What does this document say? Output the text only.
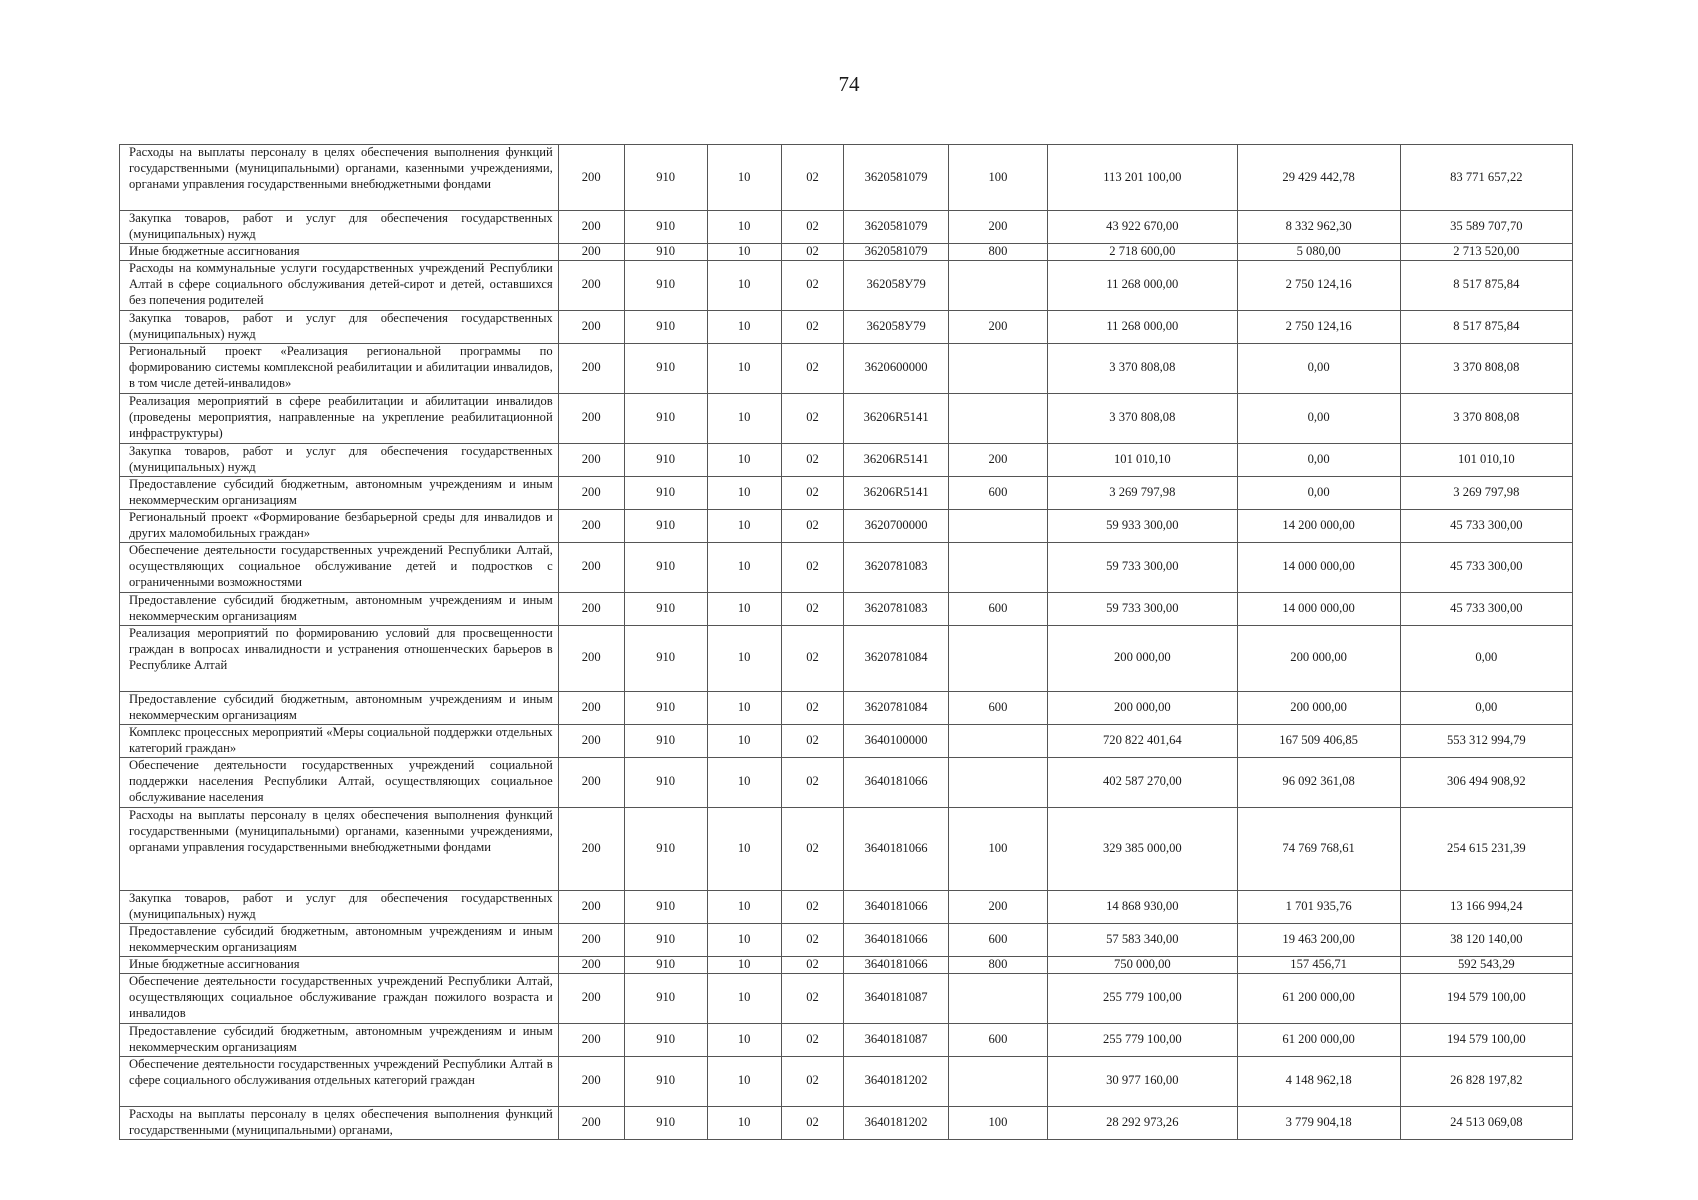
74
Расходы на выплаты персоналу в целях обеспечения выполнения функций государственными (муниципальными) органами, казенными учреждениями, органами управления государственными внебюджетными фондами	200	910	10	02	3620581079	100	113 201 100,00	29 429 442,78	83 771 657,22
Закупка товаров, работ и услуг для обеспечения государственных (муниципальных) нужд	200	910	10	02	3620581079	200	43 922 670,00	8 332 962,30	35 589 707,70
Иные бюджетные ассигнования	200	910	10	02	3620581079	800	2 718 600,00	5 080,00	2 713 520,00
Расходы на коммунальные услуги государственных учреждений Республики Алтай в сфере социального обслуживания детей-сирот и детей, оставшихся без попечения родителей	200	910	10	02	362058У79		11 268 000,00	2 750 124,16	8 517 875,84
Закупка товаров, работ и услуг для обеспечения государственных (муниципальных) нужд	200	910	10	02	362058У79	200	11 268 000,00	2 750 124,16	8 517 875,84
Региональный проект «Реализация региональной программы по формированию системы комплексной реабилитации и абилитации инвалидов, в том числе детей-инвалидов»	200	910	10	02	3620600000		3 370 808,08	0,00	3 370 808,08
Реализация мероприятий в сфере реабилитации и абилитации инвалидов (проведены мероприятия, направленные на укрепление реабилитационной инфраструктуры)	200	910	10	02	36206R5141		3 370 808,08	0,00	3 370 808,08
Закупка товаров, работ и услуг для обеспечения государственных (муниципальных) нужд	200	910	10	02	36206R5141	200	101 010,10	0,00	101 010,10
Предоставление субсидий бюджетным, автономным учреждениям и иным некоммерческим организациям	200	910	10	02	36206R5141	600	3 269 797,98	0,00	3 269 797,98
Региональный проект «Формирование безбарьерной среды для инвалидов и других маломобильных граждан»	200	910	10	02	3620700000		59 933 300,00	14 200 000,00	45 733 300,00
Обеспечение деятельности государственных учреждений Республики Алтай, осуществляющих социальное обслуживание детей и подростков с ограниченными возможностями	200	910	10	02	3620781083		59 733 300,00	14 000 000,00	45 733 300,00
Предоставление субсидий бюджетным, автономным учреждениям и иным некоммерческим организациям	200	910	10	02	3620781083	600	59 733 300,00	14 000 000,00	45 733 300,00
Реализация мероприятий по формированию условий для просвещенности граждан в вопросах инвалидности и устранения отношенческих барьеров в Республике Алтай	200	910	10	02	3620781084		200 000,00	200 000,00	0,00
Предоставление субсидий бюджетным, автономным учреждениям и иным некоммерческим организациям	200	910	10	02	3620781084	600	200 000,00	200 000,00	0,00
Комплекс процессных мероприятий «Меры социальной поддержки отдельных категорий граждан»	200	910	10	02	3640100000		720 822 401,64	167 509 406,85	553 312 994,79
Обеспечение деятельности государственных учреждений социальной поддержки населения Республики Алтай, осуществляющих социальное обслуживание населения	200	910	10	02	3640181066		402 587 270,00	96 092 361,08	306 494 908,92
Расходы на выплаты персоналу в целях обеспечения выполнения функций государственными (муниципальными) органами, казенными учреждениями, органами управления государственными внебюджетными фондами	200	910	10	02	3640181066	100	329 385 000,00	74 769 768,61	254 615 231,39
Закупка товаров, работ и услуг для обеспечения государственных (муниципальных) нужд	200	910	10	02	3640181066	200	14 868 930,00	1 701 935,76	13 166 994,24
Предоставление субсидий бюджетным, автономным учреждениям и иным некоммерческим организациям	200	910	10	02	3640181066	600	57 583 340,00	19 463 200,00	38 120 140,00
Иные бюджетные ассигнования	200	910	10	02	3640181066	800	750 000,00	157 456,71	592 543,29
Обеспечение деятельности государственных учреждений Республики Алтай, осуществляющих социальное обслуживание граждан пожилого возраста и инвалидов	200	910	10	02	3640181087		255 779 100,00	61 200 000,00	194 579 100,00
Предоставление субсидий бюджетным, автономным учреждениям и иным некоммерческим организациям	200	910	10	02	3640181087	600	255 779 100,00	61 200 000,00	194 579 100,00
Обеспечение деятельности государственных учреждений Республики Алтай в сфере социального обслуживания отдельных категорий граждан	200	910	10	02	3640181202		30 977 160,00	4 148 962,18	26 828 197,82
Расходы на выплаты персоналу в целях обеспечения выполнения функций государственными (муниципальными) органами,	200	910	10	02	3640181202	100	28 292 973,26	3 779 904,18	24 513 069,08
